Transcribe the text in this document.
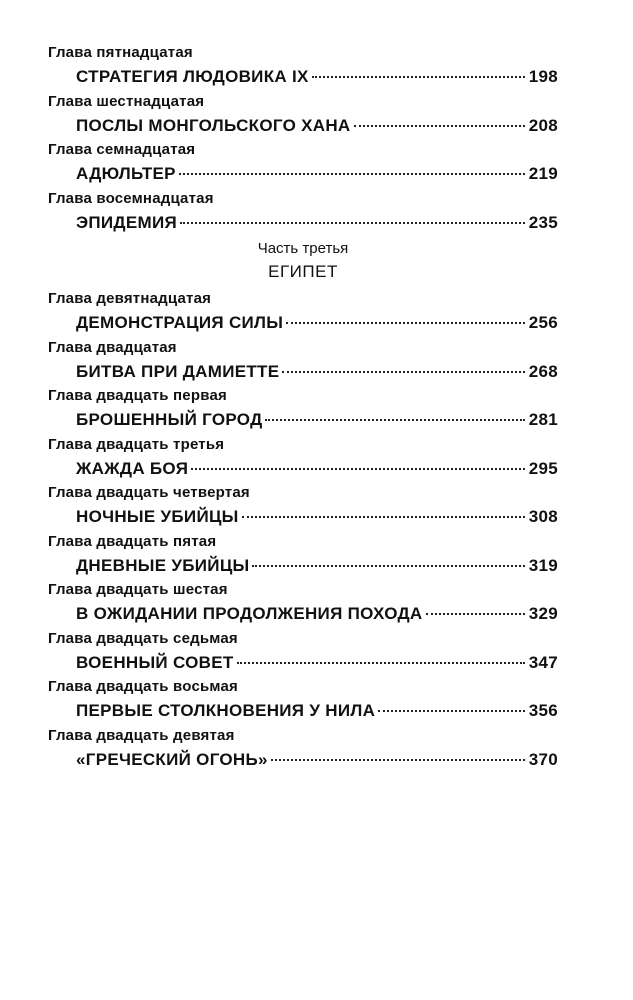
Глава пятнадцатая
СТРАТЕГИЯ ЛЮДОВИКА IX	198
Глава шестнадцатая
ПОСЛЫ МОНГОЛЬСКОГО ХАНА	208
Глава семнадцатая
АДЮЛЬТЕР	219
Глава восемнадцатая
ЭПИДЕМИЯ	235
Часть третья
ЕГИПЕТ
Глава девятнадцатая
ДЕМОНСТРАЦИЯ СИЛЫ	256
Глава двадцатая
БИТВА ПРИ ДАМИЕТТЕ	268
Глава двадцать первая
БРОШЕННЫЙ ГОРОД	281
Глава двадцать третья
ЖАЖДА БОЯ	295
Глава двадцать четвертая
НОЧНЫЕ УБИЙЦЫ	308
Глава двадцать пятая
ДНЕВНЫЕ УБИЙЦЫ	319
Глава двадцать шестая
В ОЖИДАНИИ ПРОДОЛЖЕНИЯ ПОХОДА	329
Глава двадцать седьмая
ВОЕННЫЙ СОВЕТ	347
Глава двадцать восьмая
ПЕРВЫЕ СТОЛКНОВЕНИЯ У НИЛА	356
Глава двадцать девятая
«ГРЕЧЕСКИЙ ОГОНЬ»	370
